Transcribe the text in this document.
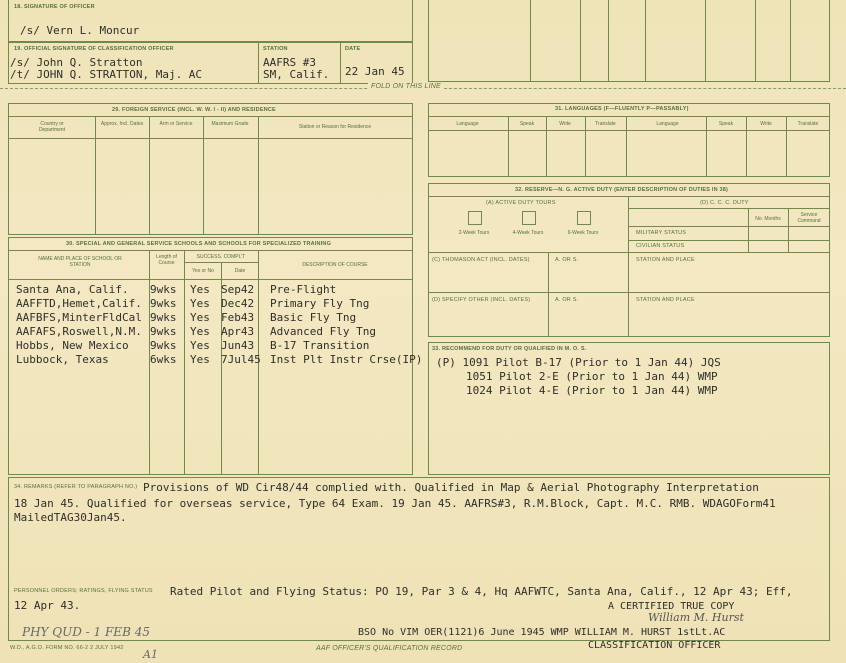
18. SIGNATURE OF OFFICER
/s/ Vern L. Moncur
19. OFFICIAL SIGNATURE OF CLASSIFICATION OFFICER
/s/ John Q. Stratton
/t/ JOHN Q. STRATTON, Maj. AC
STATION
AAFRS #3
SM, Calif.
DATE
22 Jan 45
FOLD ON THIS LINE
29. FOREIGN SERVICE (INCL. W. W. I - II) AND RESIDENCE
Country or Department
Approx. Incl. Dates	Arm or Service	Maximum Grade	Station or Reason for Residence
31. LANGUAGES (F—FLUENTLY P—PASSABLY)
Language	Speak	Write	Translate	Language	Speak	Write	Translate
32. RESERVE—N. G. ACTIVE DUTY (ENTER DESCRIPTION OF DUTIES IN 38)
(A) ACTIVE DUTY TOURS
2-Week Tours	4-Week Tours	6-Week Tours
(D) C. C. C. DUTY
No. Months
Service Command
MILITARY STATUS
CIVILIAN STATUS
(C) THOMASON ACT (INCL. DATES)	A. OR S.	STATION AND PLACE
(D) SPECIFY OTHER (INCL. DATES)	A. OR S.	STATION AND PLACE
30. SPECIAL AND GENERAL SERVICE SCHOOLS AND SCHOOLS FOR SPECIALIZED TRAINING
NAME AND PLACE OF SCHOOL OR STATION
Length of Course
SUCCESS. COMPL'T
Yes or No	Date
DESCRIPTION OF COURSE
Santa Ana, Calif. 9wks Yes Sep42 Pre-Flight
AAFFTD,Hemet,Calif. 9wks Yes Dec42 Primary Fly Tng
AAFBFS,MinterFldCal 9wks Yes Feb43 Basic Fly Tng
AAFAFS,Roswell,N.M. 9wks Yes Apr43 Advanced Fly Tng
Hobbs, New Mexico 9wks Yes Jun43 B-17 Transition
Lubbock, Texas	6wks Yes 7Jul45 Inst Plt Instr Crse(IP)
33. RECOMMEND FOR DUTY OR QUALIFIED IN M. O. S.
(P) 1091 Pilot B-17 (Prior to 1 Jan 44) JQS
1051 Pilot 2-E (Prior to 1 Jan 44) WMP
1024 Pilot 4-E (Prior to 1 Jan 44) WMP
34. REMARKS (REFER TO PARAGRAPH NO.) Provisions of WD Cir48/44 complied with. Qualified in Map & Aerial Photography Interpretation
18 Jan 45. Qualified for overseas service, Type 64 Exam. 19 Jan 45. AAFRS#3, R.M.Block, Capt. M.C. RMB. WDAGOForm41
MailedTAG30Jan45.
PERSONNEL ORDERS; RATINGS, FLYING STATUS Rated Pilot and Flying Status: PO 19, Par 3 & 4, Hq AAFWTC, Santa Ana, Calif., 12 Apr 43; Eff,
12 Apr 43.	A CERTIFIED TRUE COPY
William M. Hurst
BSO No VIM OER(1121)6 June 1945 WMP WILLIAM M. HURST 1stLt.AC
CLASSIFICATION OFFICER
PHY QUD - 1 FEB 45
A1
W.D., A.G.O. FORM NO. 66-2 2 JULY 1942	AAF OFFICER'S QUALIFICATION RECORD
